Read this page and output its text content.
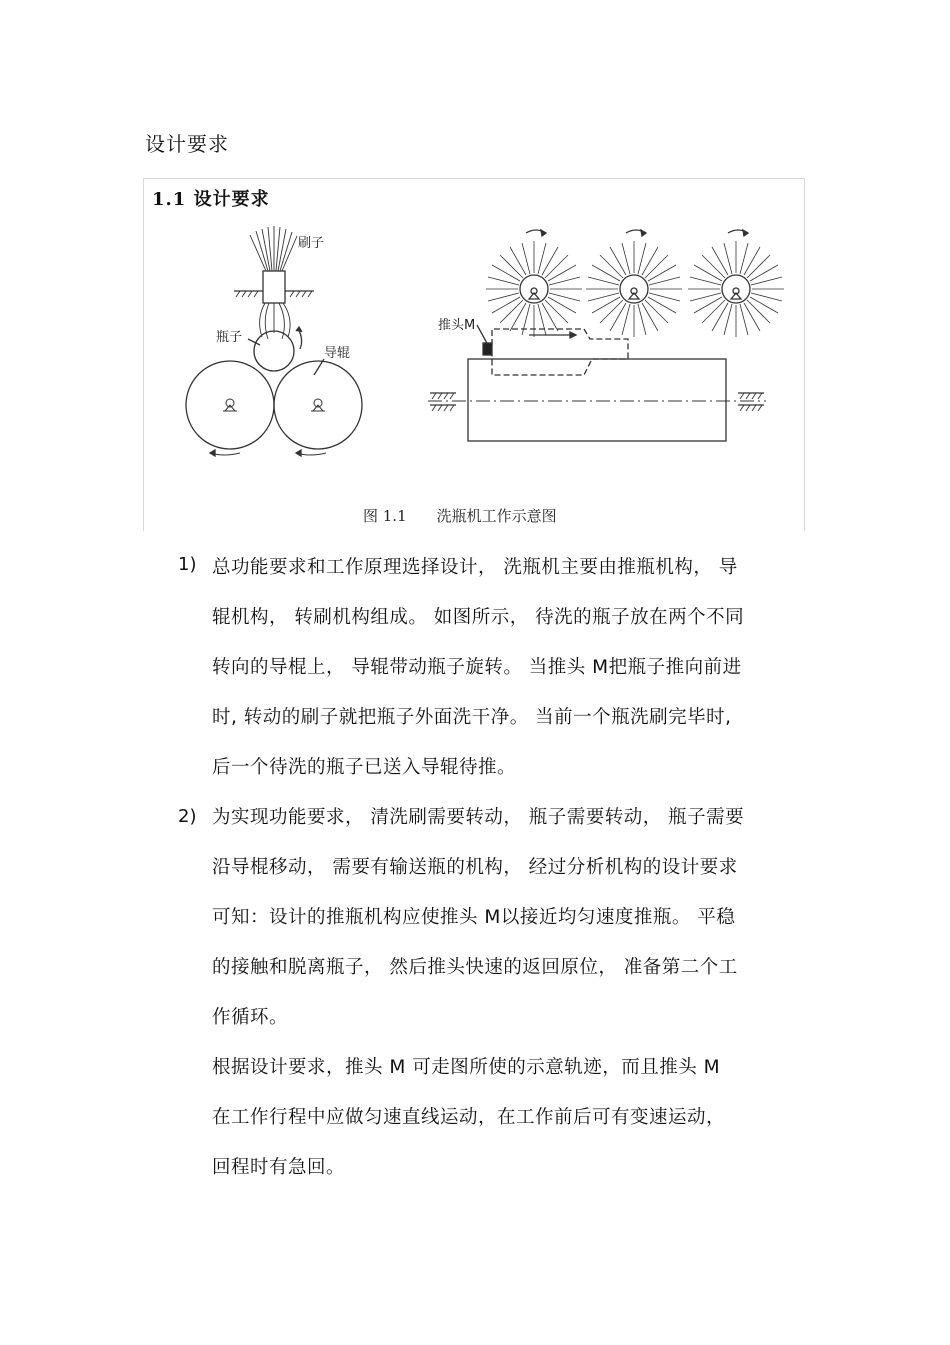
设计要求
刷子
瓶子
导辊
推头M
1.1 设计要求
图 1.1 洗瓶机工作示意图
1) 总功能要求和工作原理选择设计， 洗瓶机主要由推瓶机构， 导
辊机构， 转刷机构组成。 如图所示， 待洗的瓶子放在两个不同
转向的导棍上， 导辊带动瓶子旋转。 当推头 M把瓶子推向前进
时, 转动的刷子就把瓶子外面洗干净。 当前一个瓶洗刷完毕时,
后一个待洗的瓶子已送入导辊待推。
2) 为实现功能要求， 清洗刷需要转动， 瓶子需要转动， 瓶子需要
沿导棍移动， 需要有输送瓶的机构， 经过分析机构的设计要求
可知：设计的推瓶机构应使推头 M以接近均匀速度推瓶。 平稳
的接触和脱离瓶子， 然后推头快速的返回原位， 准备第二个工
作循环。
根据设计要求，推头 M 可走图所使的示意轨迹，而且推头 M
在工作行程中应做匀速直线运动，在工作前后可有变速运动，
回程时有急回。
